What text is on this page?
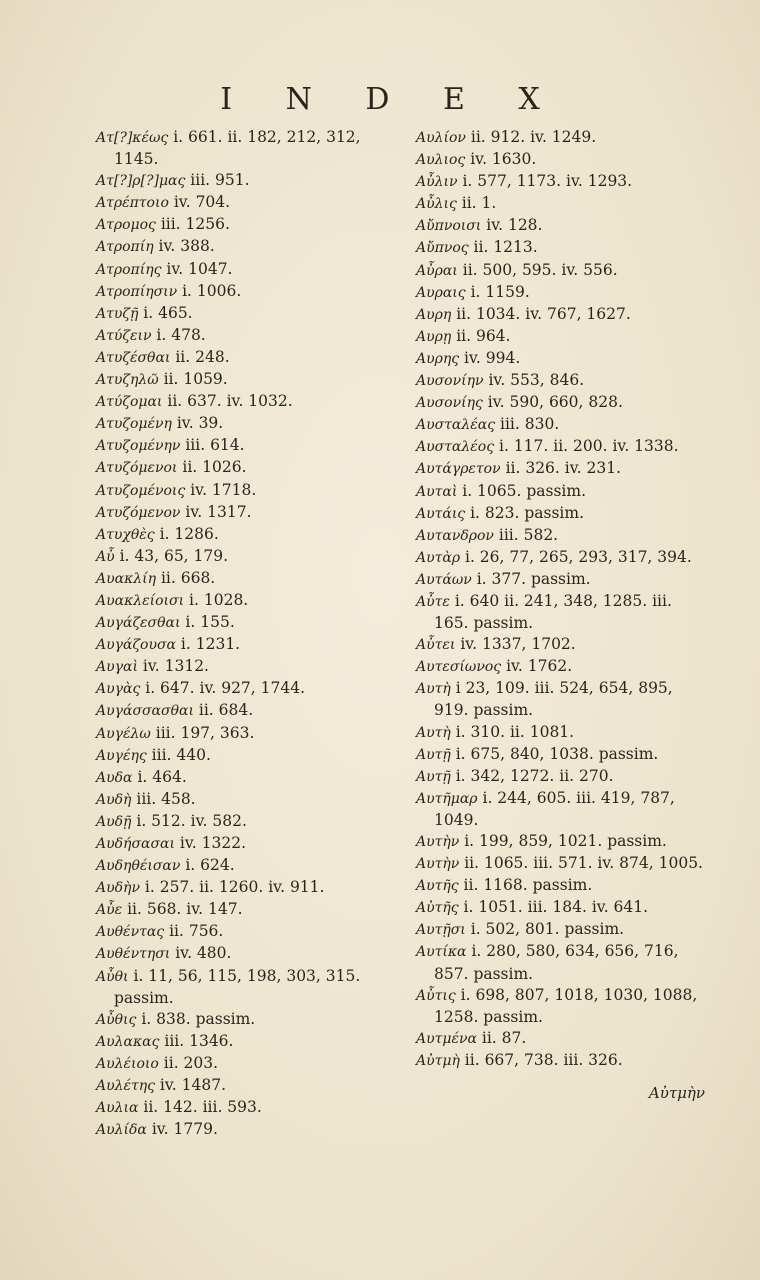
I N D E X
Ατ[?]κέως i. 661. ii. 182, 212, 312, 1145.
Ατ[?]ρ[?]μας iii. 951.
Ατρέπτοιο iv. 704.
Ατρομος iii. 1256.
Ατροπίη iv. 388.
Ατροπίης iv. 1047.
Ατροπίησιν i. 1006.
Ατυζῇ i. 465.
Ατύζειν i. 478.
Ατυζέσθαι ii. 248.
Ατυζηλῶ ii. 1059.
Ατύζομαι ii. 637. iv. 1032.
Ατυζομένη iv. 39.
Ατυζομένην iii. 614.
Ατυζόμενοι ii. 1026.
Ατυζομένοις iv. 1718.
Ατυζόμενον iv. 1317.
Ατυχθὲς i. 1286.
Αὖ i. 43, 65, 179.
Αυακλίη ii. 668.
Αυακλείοισι i. 1028.
Αυγάζεσθαι i. 155.
Αυγάζουσα i. 1231.
Αυγαὶ iv. 1312.
Αυγὰς i. 647. iv. 927, 1744.
Αυγάσσασθαι ii. 684.
Αυγέλω iii. 197, 363.
Αυγέης iii. 440.
Αυδα i. 464.
Αυδὴ iii. 458.
Αυδῇ i. 512. iv. 582.
Αυδήσασαι iv. 1322.
Αυδηθέισαν i. 624.
Αυδὴν i. 257. ii. 1260. iv. 911.
Αὖε ii. 568. iv. 147.
Αυθέντας ii. 756.
Αυθέντησι iv. 480.
Αὖθι i. 11, 56, 115, 198, 303, 315. passim.
Αὖθις i. 838. passim.
Αυλακας iii. 1346.
Αυλέιοιο ii. 203.
Αυλέτης iv. 1487.
Αυλια ii. 142. iii. 593.
Αυλίδα iv. 1779.
Αυλίον ii. 912. iv. 1249.
Αυλιος iv. 1630.
Αὖλιν i. 577, 1173. iv. 1293.
Αὖλις ii. 1.
Αὔπνοισι iv. 128.
Αὔπνος ii. 1213.
Αὖραι ii. 500, 595. iv. 556.
Αυραις i. 1159.
Αυρη ii. 1034. iv. 767, 1627.
Αυρῃ ii. 964.
Αυρης iv. 994.
Αυσονίην iv. 553, 846.
Αυσονίης iv. 590, 660, 828.
Αυσταλέας iii. 830.
Αυσταλέος i. 117. ii. 200. iv. 1338.
Αυτάγρετον ii. 326. iv. 231.
Αυταὶ i. 1065. passim.
Αυτάις i. 823. passim.
Αυτανδρον iii. 582.
Αυτὰρ i. 26, 77, 265, 293, 317, 394.
Αυτάων i. 377. passim.
Αὖτε i. 640 ii. 241, 348, 1285. iii. 165. passim.
Αὖτει iv. 1337, 1702.
Αυτεσίωνος iv. 1762.
Αυτὴ i 23, 109. iii. 524, 654, 895, 919. passim.
Αυτὴ i. 310. ii. 1081.
Αυτῇ i. 675, 840, 1038. passim.
Αυτῇ i. 342, 1272. ii. 270.
Αυτῆμαρ i. 244, 605. iii. 419, 787, 1049.
Αυτὴν i. 199, 859, 1021. passim.
Αυτὴν ii. 1065. iii. 571. iv. 874, 1005.
Αυτῆς ii. 1168. passim.
Αὐτῆς i. 1051. iii. 184. iv. 641.
Αυτῇσι i. 502, 801. passim.
Αυτίκα i. 280, 580, 634, 656, 716, 857. passim.
Αὖτις i. 698, 807, 1018, 1030, 1088, 1258. passim.
Αυτμένα ii. 87.
Αὐτμὴ ii. 667, 738. iii. 326.
Αὐτμὴν
